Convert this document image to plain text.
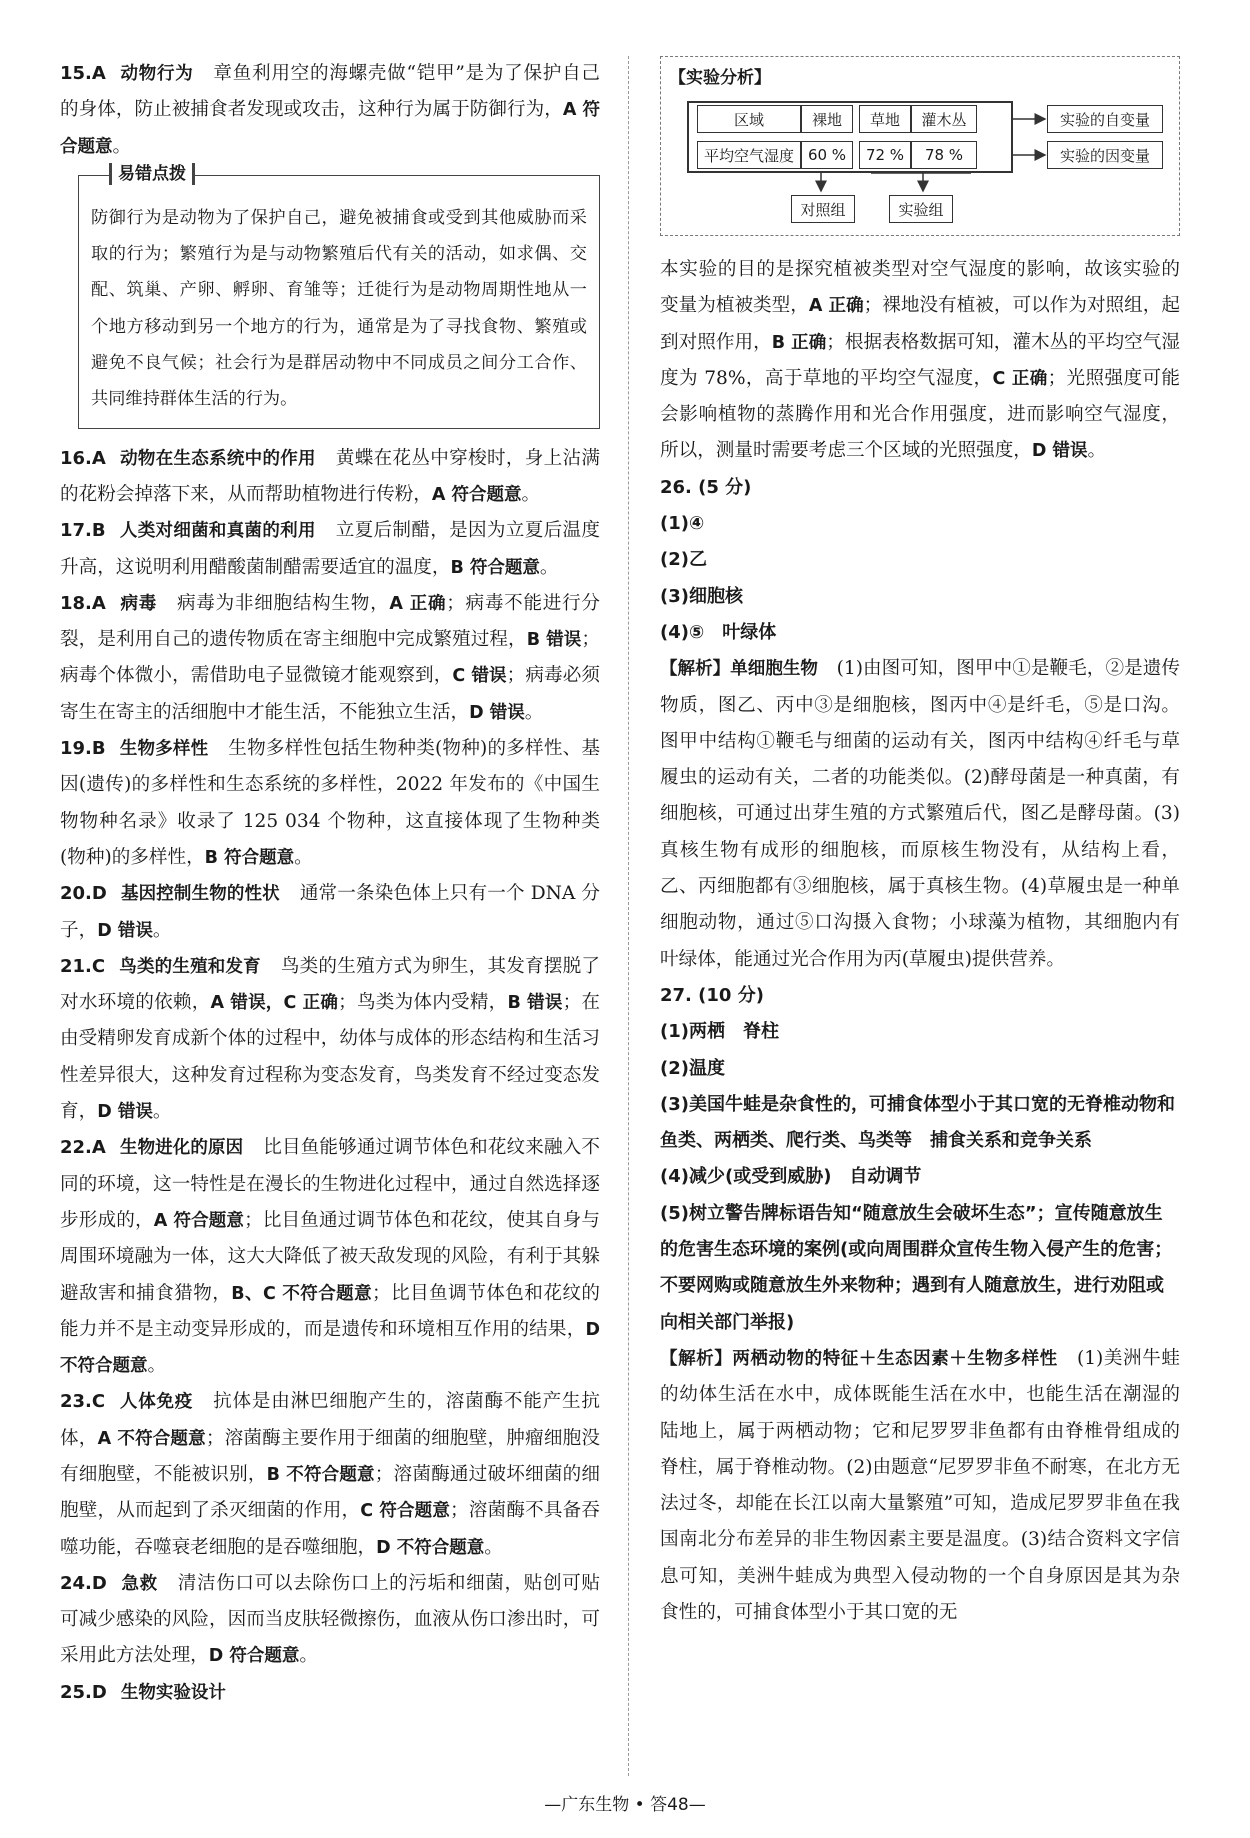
15.A 动物行为 章鱼利用空的海螺壳做“铠甲”是为了保护自己的身体，防止被捕食者发现或攻击，这种行为属于防御行为，A 符合题意。
易错点拨
防御行为是动物为了保护自己，避免被捕食或受到其他威胁而采取的行为；繁殖行为是与动物繁殖后代有关的活动，如求偶、交配、筑巢、产卵、孵卵、育雏等；迁徙行为是动物周期性地从一个地方移动到另一个地方的行为，通常是为了寻找食物、繁殖或避免不良气候；社会行为是群居动物中不同成员之间分工合作、共同维持群体生活的行为。
16.A 动物在生态系统中的作用 黄蝶在花丛中穿梭时，身上沾满的花粉会掉落下来，从而帮助植物进行传粉，A 符合题意。
17.B 人类对细菌和真菌的利用 立夏后制醋，是因为立夏后温度升高，这说明利用醋酸菌制醋需要适宜的温度，B 符合题意。
18.A 病毒 病毒为非细胞结构生物，A 正确；病毒不能进行分裂，是利用自己的遗传物质在寄主细胞中完成繁殖过程，B 错误；病毒个体微小，需借助电子显微镜才能观察到，C 错误；病毒必须寄生在寄主的活细胞中才能生活，不能独立生活，D 错误。
19.B 生物多样性 生物多样性包括生物种类(物种)的多样性、基因(遗传)的多样性和生态系统的多样性，2022 年发布的《中国生物物种名录》收录了 125 034 个物种，这直接体现了生物种类(物种)的多样性，B 符合题意。
20.D 基因控制生物的性状 通常一条染色体上只有一个 DNA 分子，D 错误。
21.C 鸟类的生殖和发育 鸟类的生殖方式为卵生，其发育摆脱了对水环境的依赖，A 错误，C 正确；鸟类为体内受精，B 错误；在由受精卵发育成新个体的过程中，幼体与成体的形态结构和生活习性差异很大，这种发育过程称为变态发育，鸟类发育不经过变态发育，D 错误。
22.A 生物进化的原因 比目鱼能够通过调节体色和花纹来融入不同的环境，这一特性是在漫长的生物进化过程中，通过自然选择逐步形成的，A 符合题意；比目鱼通过调节体色和花纹，使其自身与周围环境融为一体，这大大降低了被天敌发现的风险，有利于其躲避敌害和捕食猎物，B、C 不符合题意；比目鱼调节体色和花纹的能力并不是主动变异形成的，而是遗传和环境相互作用的结果，D 不符合题意。
23.C 人体免疫 抗体是由淋巴细胞产生的，溶菌酶不能产生抗体，A 不符合题意；溶菌酶主要作用于细菌的细胞壁，肿瘤细胞没有细胞壁，不能被识别，B 不符合题意；溶菌酶通过破坏细菌的细胞壁，从而起到了杀灭细菌的作用，C 符合题意；溶菌酶不具备吞噬功能，吞噬衰老细胞的是吞噬细胞，D 不符合题意。
24.D 急救 清洁伤口可以去除伤口上的污垢和细菌，贴创可贴可减少感染的风险，因而当皮肤轻微擦伤，血液从伤口渗出时，可采用此方法处理，D 符合题意。
25.D 生物实验设计
【实验分析】
区域	裸地	草地	灌木丛
平均空气湿度 60 %	72 %	78 %
实验的自变量
实验的因变量
对照组	实验组
本实验的目的是探究植被类型对空气湿度的影响，故该实验的变量为植被类型，A 正确；裸地没有植被，可以作为对照组，起到对照作用，B 正确；根据表格数据可知，灌木丛的平均空气湿度为 78%，高于草地的平均空气湿度，C 正确；光照强度可能会影响植物的蒸腾作用和光合作用强度，进而影响空气湿度，所以，测量时需要考虑三个区域的光照强度，D 错误。
26. (5 分)
(1)④
(2)乙
(3)细胞核
(4)⑤　叶绿体
【解析】单细胞生物　 (1)由图可知，图甲中①是鞭毛，②是遗传物质，图乙、丙中③是细胞核，图丙中④是纤毛，⑤是口沟。图甲中结构①鞭毛与细菌的运动有关，图丙中结构④纤毛与草履虫的运动有关，二者的功能类似。(2)酵母菌是一种真菌，有细胞核，可通过出芽生殖的方式繁殖后代，图乙是酵母菌。(3)真核生物有成形的细胞核，而原核生物没有，从结构上看，乙、丙细胞都有③细胞核，属于真核生物。(4)草履虫是一种单细胞动物，通过⑤口沟摄入食物；小球藻为植物，其细胞内有叶绿体，能通过光合作用为丙(草履虫)提供营养。
27. (10 分)
(1)两栖　脊柱
(2)温度
(3)美国牛蛙是杂食性的，可捕食体型小于其口宽的无脊椎动物和鱼类、两栖类、爬行类、鸟类等　捕食关系和竞争关系
(4)减少(或受到威胁)　自动调节
(5)树立警告牌标语告知“随意放生会破坏生态”；宣传随意放生的危害生态环境的案例(或向周围群众宣传生物入侵产生的危害；不要网购或随意放生外来物种；遇到有人随意放生，进行劝阻或向相关部门举报)
【解析】两栖动物的特征＋生态因素＋生物多样性　 (1)美洲牛蛙的幼体生活在水中，成体既能生活在水中，也能生活在潮湿的陆地上，属于两栖动物；它和尼罗罗非鱼都有由脊椎骨组成的脊柱，属于脊椎动物。(2)由题意“尼罗罗非鱼不耐寒，在北方无法过冬，却能在长江以南大量繁殖”可知，造成尼罗罗非鱼在我国南北分布差异的非生物因素主要是温度。(3)结合资料文字信息可知，美洲牛蛙成为典型入侵动物的一个自身原因是其为杂食性的，可捕食体型小于其口宽的无
—广东生物 • 答48—
